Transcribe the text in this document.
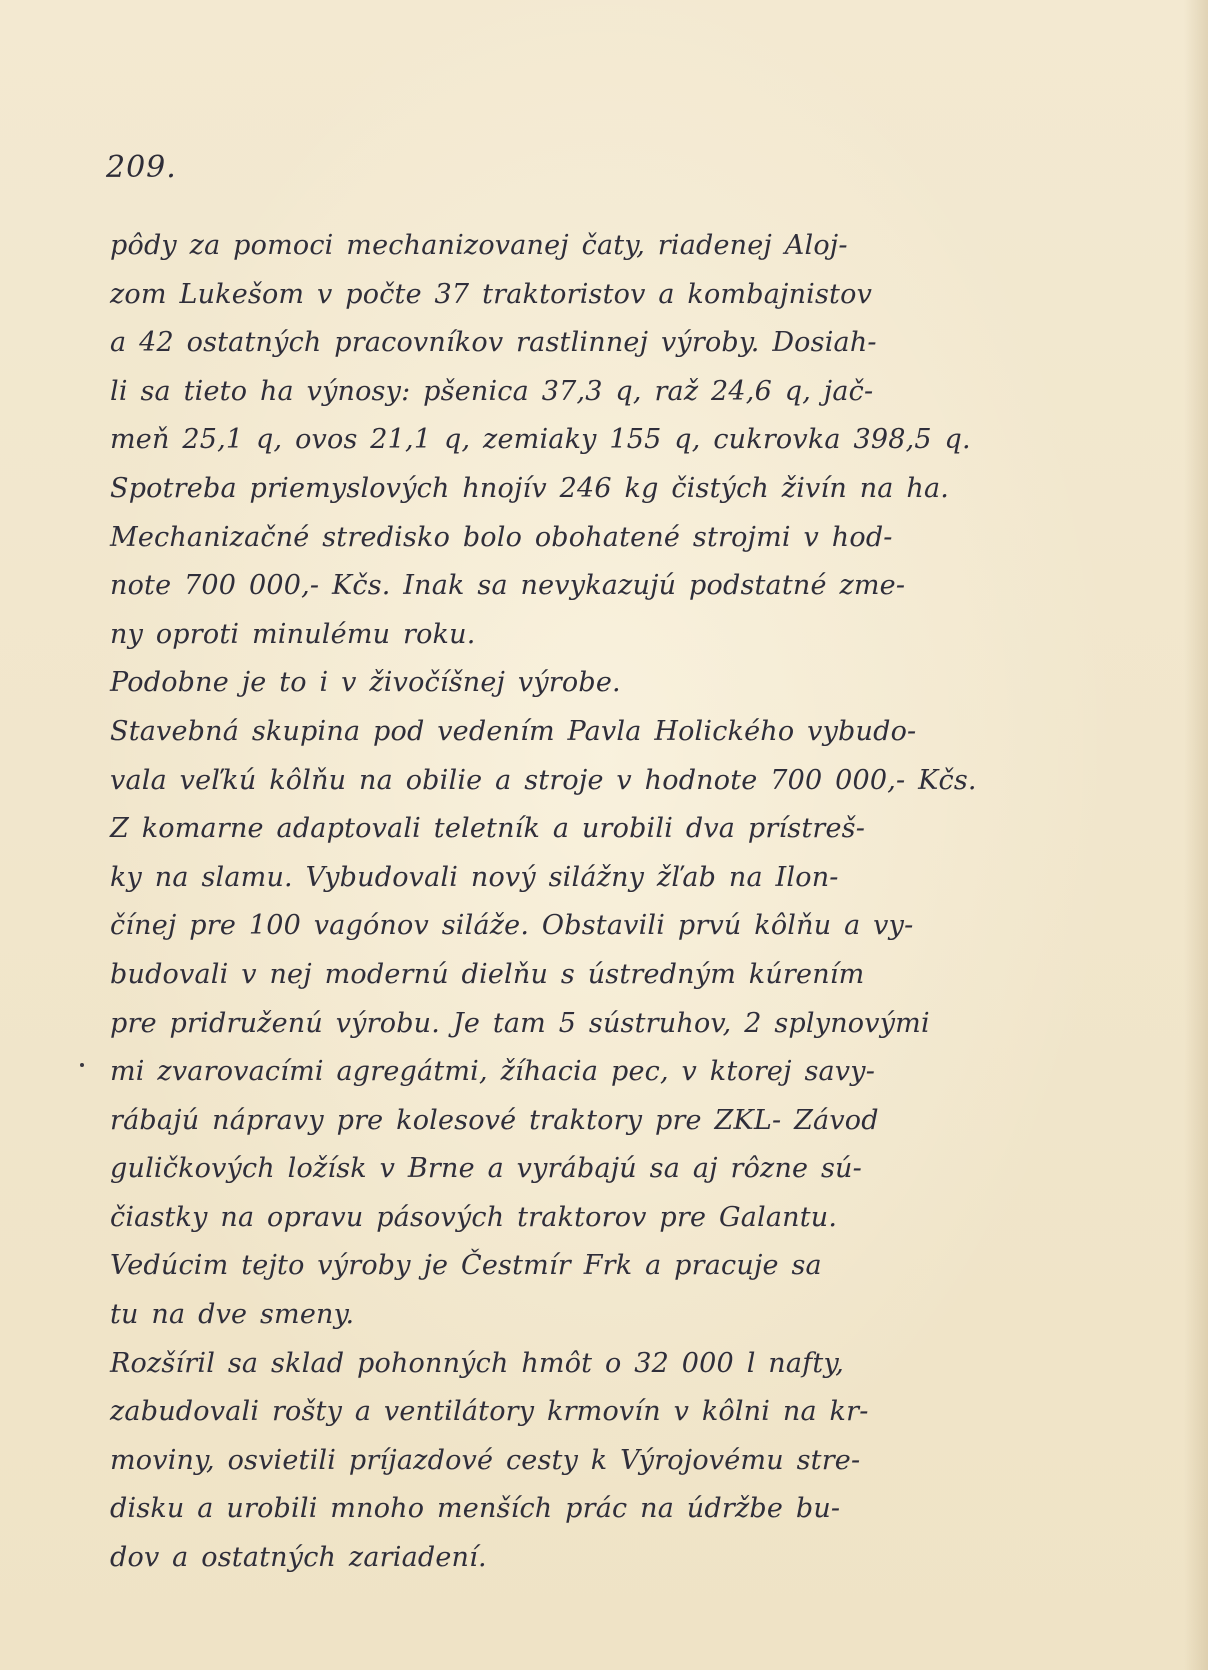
209.
pôdy za pomoci mechanizovanej čaty, riadenej Aloj-
zom Lukešom v počte 37 traktoristov a kombajnistov
a 42 ostatných pracovníkov rastlinnej výroby. Dosiah-
li sa tieto ha výnosy: pšenica 37,3 q, raž 24,6 q, jač-
meň 25,1 q, ovos 21,1 q, zemiaky 155 q, cukrovka 398,5 q.
Spotreba priemyslových hnojív 246 kg čistých živín na ha.
Mechanizačné stredisko bolo obohatené strojmi v hod-
note 700 000,- Kčs. Inak sa nevykazujú podstatné zme-
ny oproti minulému roku.
Podobne je to i v živočíšnej výrobe.
Stavebná skupina pod vedením Pavla Holického vybudo-
vala veľkú kôlňu na obilie a stroje v hodnote 700 000,- Kčs.
Z komarne adaptovali teletník a urobili dva prístreš-
ky na slamu. Vybudovali nový silážny žľab na Ilon-
čínej pre 100 vagónov siláže. Obstavili prvú kôlňu a vy-
budovali v nej modernú dielňu s ústredným kúrením
pre pridruženú výrobu. Je tam 5 sústruhov, 2 splynovými
mi zvarovacími agregátmi, žíhacia pec, v ktorej savy-
rábajú nápravy pre kolesové traktory pre ZKL- Závod
guličkových ložísk v Brne a vyrábajú sa aj rôzne sú-
čiastky na opravu pásových traktorov pre Galantu.
Vedúcim tejto výroby je Čestmír Frk a pracuje sa
tu na dve smeny.
Rozšíril sa sklad pohonných hmôt o 32 000 l nafty,
zabudovali rošty a ventilátory krmovín v kôlni na kr-
moviny, osvietili príjazdové cesty k Výrojovému stre-
disku a urobili mnoho menších prác na údržbe bu-
dov a ostatných zariadení.
